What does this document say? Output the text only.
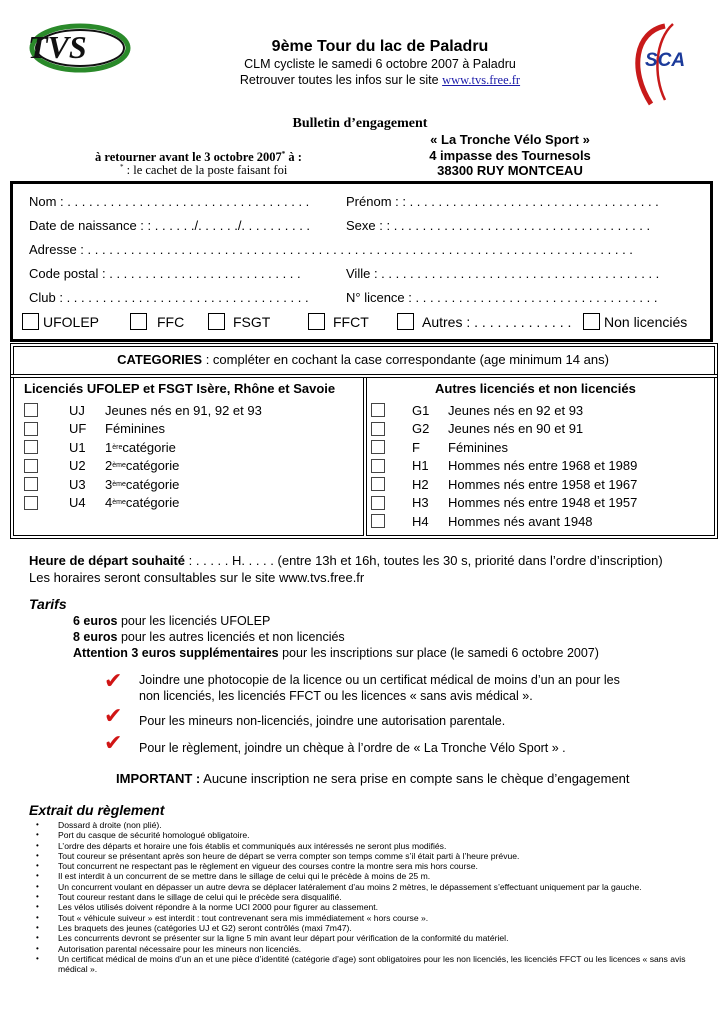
TVS	SCA
9ème Tour du lac de Paladru
CLM cycliste le samedi 6 octobre 2007 à Paladru
Retrouver toutes les infos sur le site www.tvs.free.fr
Bulletin d’engagement
à retourner avant le 3 octobre 2007* à :
* : le cachet de la poste faisant foi
« La Tronche Vélo Sport »
4 impasse des Tournesols
38300 RUY MONTCEAU
Nom : . . . . . . . . . . . . . . . . . . . . . . . . . . . . . . . . . .	Prénom : : . . . . . . . . . . . . . . . . . . . . . . . . . . . . . . . . . . .
Date de naissance : : . . . . . ./. . . . . ./. . . . . . . . . .	Sexe : : . . . . . . . . . . . . . . . . . . . . . . . . . . . . . . . . . . . .
Adresse : . . . . . . . . . . . . . . . . . . . . . . . . . . . . . . . . . . . . . . . . . . . . . . . . . . . . . . . . . . . . . . . . . . . . . . . . . . . .
Code postal : . . . . . . . . . . . . . . . . . . . . . . . . . . .	Ville : . . . . . . . . . . . . . . . . . . . . . . . . . . . . . . . . . . . . . . .
Club : . . . . . . . . . . . . . . . . . . . . . . . . . . . . . . . . . .	N° licence : . . . . . . . . . . . . . . . . . . . . . . . . . . . . . . . . . .
UFOLEP	FFC	FSGT	FFCT	Autres : . . . . . . . . . . . . . Non licenciés
CATEGORIES : compléter en cochant la case correspondante (age minimum 14 ans)
Licenciés UFOLEP et FSGT Isère, Rhône et Savoie	Autres licenciés et non licenciés
UJ	Jeunes nés en 91, 92 et 93
UF	Féminines
U1	1 ère catégorie
U2	2 ème catégorie
U3	3 ème catégorie
U4	4 ème catégorie
G1	Jeunes nés en 92 et 93
G2	Jeunes nés en 90 et 91
F	Féminines
H1	Hommes nés entre 1968 et 1989
H2	Hommes nés entre 1958 et 1967
H3	Hommes nés entre 1948 et 1957
H4	Hommes nés avant 1948
Heure de départ souhaité : . . . . . H. . . . . (entre 13h et 16h, toutes les 30 s, priorité dans l’ordre d’inscription)
Les horaires seront consultables sur le site www.tvs.free.fr
Tarifs
6 euros pour les licenciés UFOLEP
8 euros pour les autres licenciés et non licenciés
Attention 3 euros supplémentaires pour les inscriptions sur place (le samedi 6 octobre 2007)
✔ Joindre une photocopie de la licence ou un certificat médical de moins d’un an pour les
non licenciés, les licenciés FFCT ou les licences « sans avis médical ».
✔ Pour les mineurs non-licenciés, joindre une autorisation parentale.
✔ Pour le règlement, joindre un chèque à l’ordre de « La Tronche Vélo Sport » .
IMPORTANT : Aucune inscription ne sera prise en compte sans le chèque d’engagement
Extrait du règlement
• Dossard à droite (non plié).
• Port du casque de sécurité homologué obligatoire.
• L’ordre des départs et horaire une fois établis et communiqués aux intéressés ne seront plus modifiés.
• Tout coureur se présentant après son heure de départ se verra compter son temps comme s’il était parti à l’heure prévue.
• Tout concurrent ne respectant pas le règlement en vigueur des courses contre la montre sera mis hors course.
• Il est interdit à un concurrent de se mettre dans le sillage de celui qui le précède à moins de 25 m.
• Un concurrent voulant en dépasser un autre devra se déplacer latéralement d’au moins 2 mètres, le dépassement s’effectuant uniquement par la gauche.
• Tout coureur restant dans le sillage de celui qui le précède sera disqualifié.
• Les vélos utilisés doivent répondre à la norme UCI 2000 pour figurer au classement.
• Tout « véhicule suiveur » est interdit : tout contrevenant sera mis immédiatement « hors course ».
• Les braquets des jeunes (catégories UJ et G2) seront contrôlés (maxi 7m47).
• Les concurrents devront se présenter sur la ligne 5 min avant leur départ pour vérification de la conformité du matériel.
• Autorisation parental nécessaire pour les mineurs non licenciés.
• Un certificat médical de moins d’un an et une pièce d’identité (catégorie d’age) sont obligatoires pour les non licenciés, les licenciés FFCT ou les licences « sans avis médical ».
